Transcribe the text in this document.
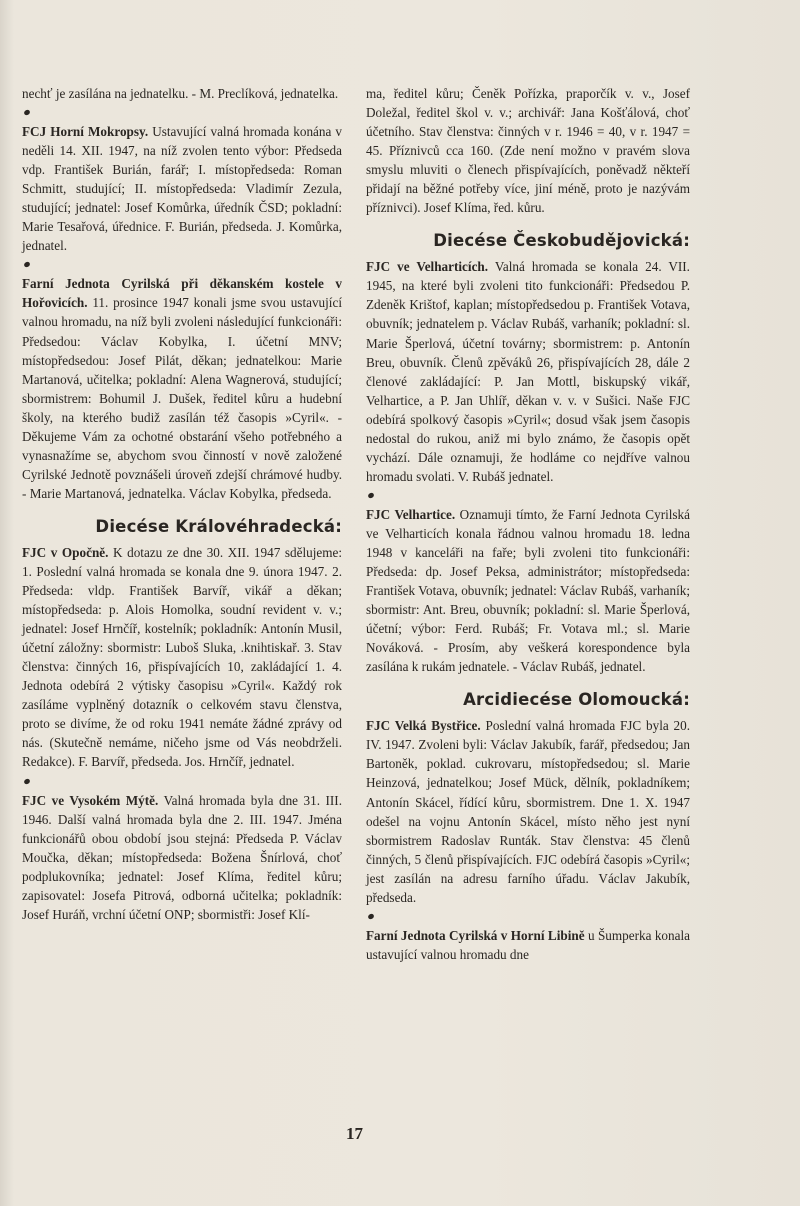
nechť je zasílána na jednatelku. - M. Preclíková, jednatelka.

FCJ Horní Mokropsy. Ustavující valná hromada konána v neděli 14. XII. 1947, na níž zvolen tento výbor: Předseda vdp. František Burián, farář; I. místopředseda: Roman Schmitt, studující; II. místopředseda: Vladimír Zezula, studující; jednatel: Josef Komůrka, úředník ČSD; pokladní: Marie Tesařová, úřednice. F. Burián, předseda. J. Komůrka, jednatel.

Farní Jednota Cyrilská při děkanském kostele v Hořovicích. 11. prosince 1947 konali jsme svou ustavující valnou hromadu, na níž byli zvoleni následující funkcionáři: Předsedou: Václav Kobylka, I. účetní MNV; místopředsedou: Josef Pilát, děkan; jednatelkou: Marie Martanová, učitelka; pokladní: Alena Wagnerová, studující; sbormistrem: Bohumil J. Dušek, ředitel kůru a hudební školy, na kterého budiž zasílán též časopis »Cyril«. - Děkujeme Vám za ochotné obstarání všeho potřebného a vynasnažíme se, abychom svou činností v nově založené Cyrilské Jednotě povznášeli úroveň zdejší chrámové hudby. - Marie Martanová, jednatelka. Václav Kobylka, předseda.

Diecése Královéhradecká:

FJC v Opočně. K dotazu ze dne 30. XII. 1947 sdělujeme: 1. Poslední valná hromada se konala dne 9. února 1947. 2. Předseda: vldp. František Barvíř, vikář a děkan; místopředseda: p. Alois Homolka, soudní revident v. v.; jednatel: Josef Hrnčíř, kostelník; pokladník: Antonín Musil, účetní záložny: sbormistr: Luboš Sluka, .knihtiskař. 3. Stav členstva: činných 16, přispívajících 10, zakládající 1. 4. Jednota odebírá 2 výtisky časopisu »Cyril«. Každý rok zasíláme vyplněný dotazník o celkovém stavu členstva, proto se divíme, že od roku 1941 nemáte žádné zprávy od nás. (Skutečně nemáme, ničeho jsme od Vás neobdrželi. Redakce). F. Barvíř, předseda. Jos. Hrnčíř, jednatel.

FJC ve Vysokém Mýtě. Valná hromada byla dne 31. III. 1946. Další valná hromada byla dne 2. III. 1947. Jména funkcionářů obou období jsou stejná: Předseda P. Václav Moučka, děkan; místopředseda: Božena Šnírlová, choť podplukovníka; jednatel: Josef Klíma, ředitel kůru; zapisovatel: Josefa Pitrová, odborná učitelka; pokladník: Josef Huráň, vrchní účetní ONP; sbormistři: Josef Klí-

ma, ředitel kůru; Čeněk Pořízka, praporčík v. v., Josef Doležal, ředitel škol v. v.; archivář: Jana Košťálová, choť účetního. Stav členstva: činných v r. 1946 = 40, v r. 1947 = 45. Příznivců cca 160. (Zde není možno v pravém slova smyslu mluviti o členech přispívajících, poněvadž někteří přidají na běžné potřeby více, jiní méně, proto je nazývám příznivci). Josef Klíma, řed. kůru.

Diecése Českobudějovická:

FJC ve Velharticích. Valná hromada se konala 24. VII. 1945, na které byli zvoleni tito funkcionáři: Předsedou P. Zdeněk Krištof, kaplan; místopředsedou p. František Votava, obuvník; jednatelem p. Václav Rubáš, varhaník; pokladní: sl. Marie Šperlová, účetní továrny; sbormistrem: p. Antonín Breu, obuvník. Členů zpěváků 26, přispívajících 28, dále 2 členové zakládající: P. Jan Mottl, biskupský vikář, Velhartice, a P. Jan Uhlíř, děkan v. v. v Sušici. Naše FJC odebírá spolkový časopis »Cyril«; dosud však jsem časopis nedostal do rukou, aniž mi bylo známo, že časopis opět vychází. Dále oznamuji, že hodláme co nejdříve valnou hromadu svolati. V. Rubáš jednatel.

FJC Velhartice. Oznamuji tímto, že Farní Jednota Cyrilská ve Velharticích konala řádnou valnou hromadu 18. ledna 1948 v kanceláři na faře; byli zvoleni tito funkcionáři: Předseda: dp. Josef Peksa, administrátor; místopředseda: František Votava, obuvník; jednatel: Václav Rubáš, varhaník; sbormistr: Ant. Breu, obuvník; pokladní: sl. Marie Šperlová, účetní; výbor: Ferd. Rubáš; Fr. Votava ml.; sl. Marie Nováková. - Prosím, aby veškerá korespondence byla zasílána k rukám jednatele. - Václav Rubáš, jednatel.

Arcidiecése Olomoucká:

FJC Velká Bystřice. Poslední valná hromada FJC byla 20. IV. 1947. Zvoleni byli: Václav Jakubík, farář, předsedou; Jan Bartoněk, poklad. cukrovaru, místopředsedou; sl. Marie Heinzová, jednatelkou; Josef Mück, dělník, pokladníkem; Antonín Skácel, řídící kůru, sbormistrem. Dne 1. X. 1947 odešel na vojnu Antonín Skácel, místo něho jest nyní sbormistrem Radoslav Runták. Stav členstva: 45 členů činných, 5 členů přispívajících. FJC odebírá časopis »Cyril«; jest zasílán na adresu farního úřadu. Václav Jakubík, předseda.

Farní Jednota Cyrilská v Horní Libině u Šumperka konala ustavující valnou hromadu dne

17
